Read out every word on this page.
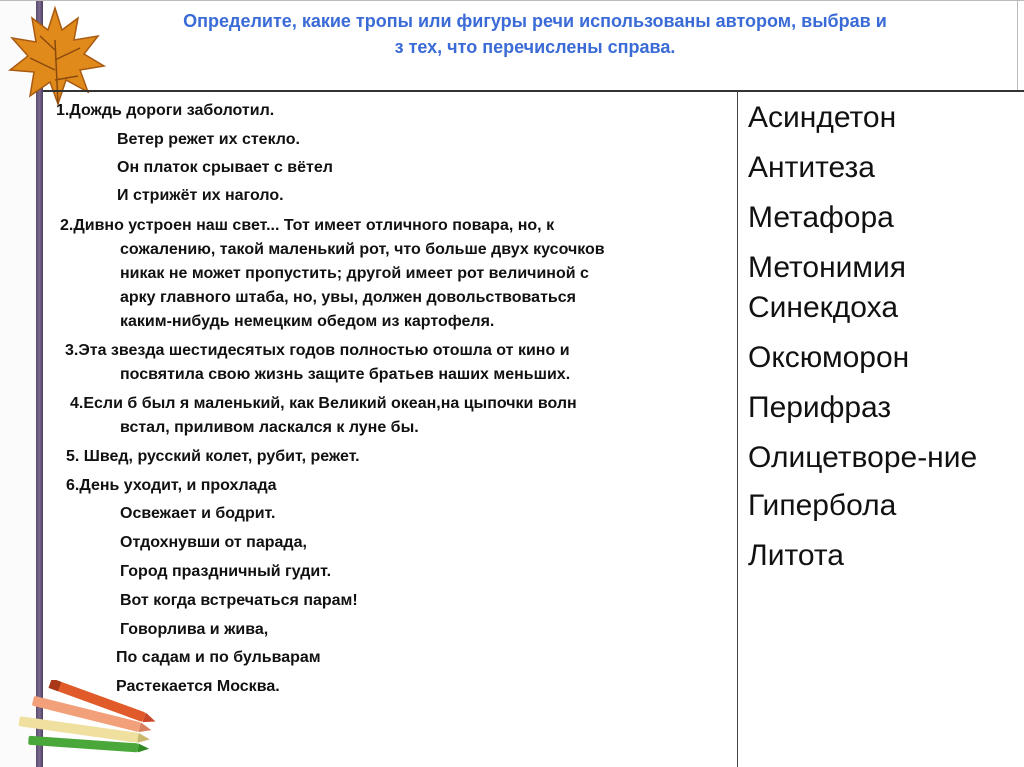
Определите, какие тропы или фигуры речи использованы автором, выбрав и
з тех, что перечислены справа.
1.Дождь дороги заболотил.
Ветер режет их стекло.
Он платок срывает с вётел
И стрижёт их наголо.
2.Дивно устроен наш свет... Тот имеет отличного повара, но, к
сожалению, такой маленький рот, что больше двух кусочков
никак не может пропустить; другой имеет рот величиной с
арку главного штаба, но, увы, должен довольствоваться
каким-нибудь немецким обедом из картофеля.
3.Эта звезда шестидесятых годов полностью отошла от кино и
посвятила свою жизнь защите братьев наших меньших.
4.Если б был я маленький, как Великий океан,на цыпочки волн
встал, приливом ласкался к луне бы.
5. Швед, русский колет, рубит, режет.
6.День уходит, и прохлада
Освежает и бодрит.
Отдохнувши от парада,
Город праздничный гудит.
Вот когда встречаться парам!
Говорлива и жива,
По садам и по бульварам
Растекается Москва.
Асиндетон
Антитеза
Метафора
Метонимия
Синекдоха
Оксюморон
Перифраз
Олицетворе-ние
Гипербола
Литота
